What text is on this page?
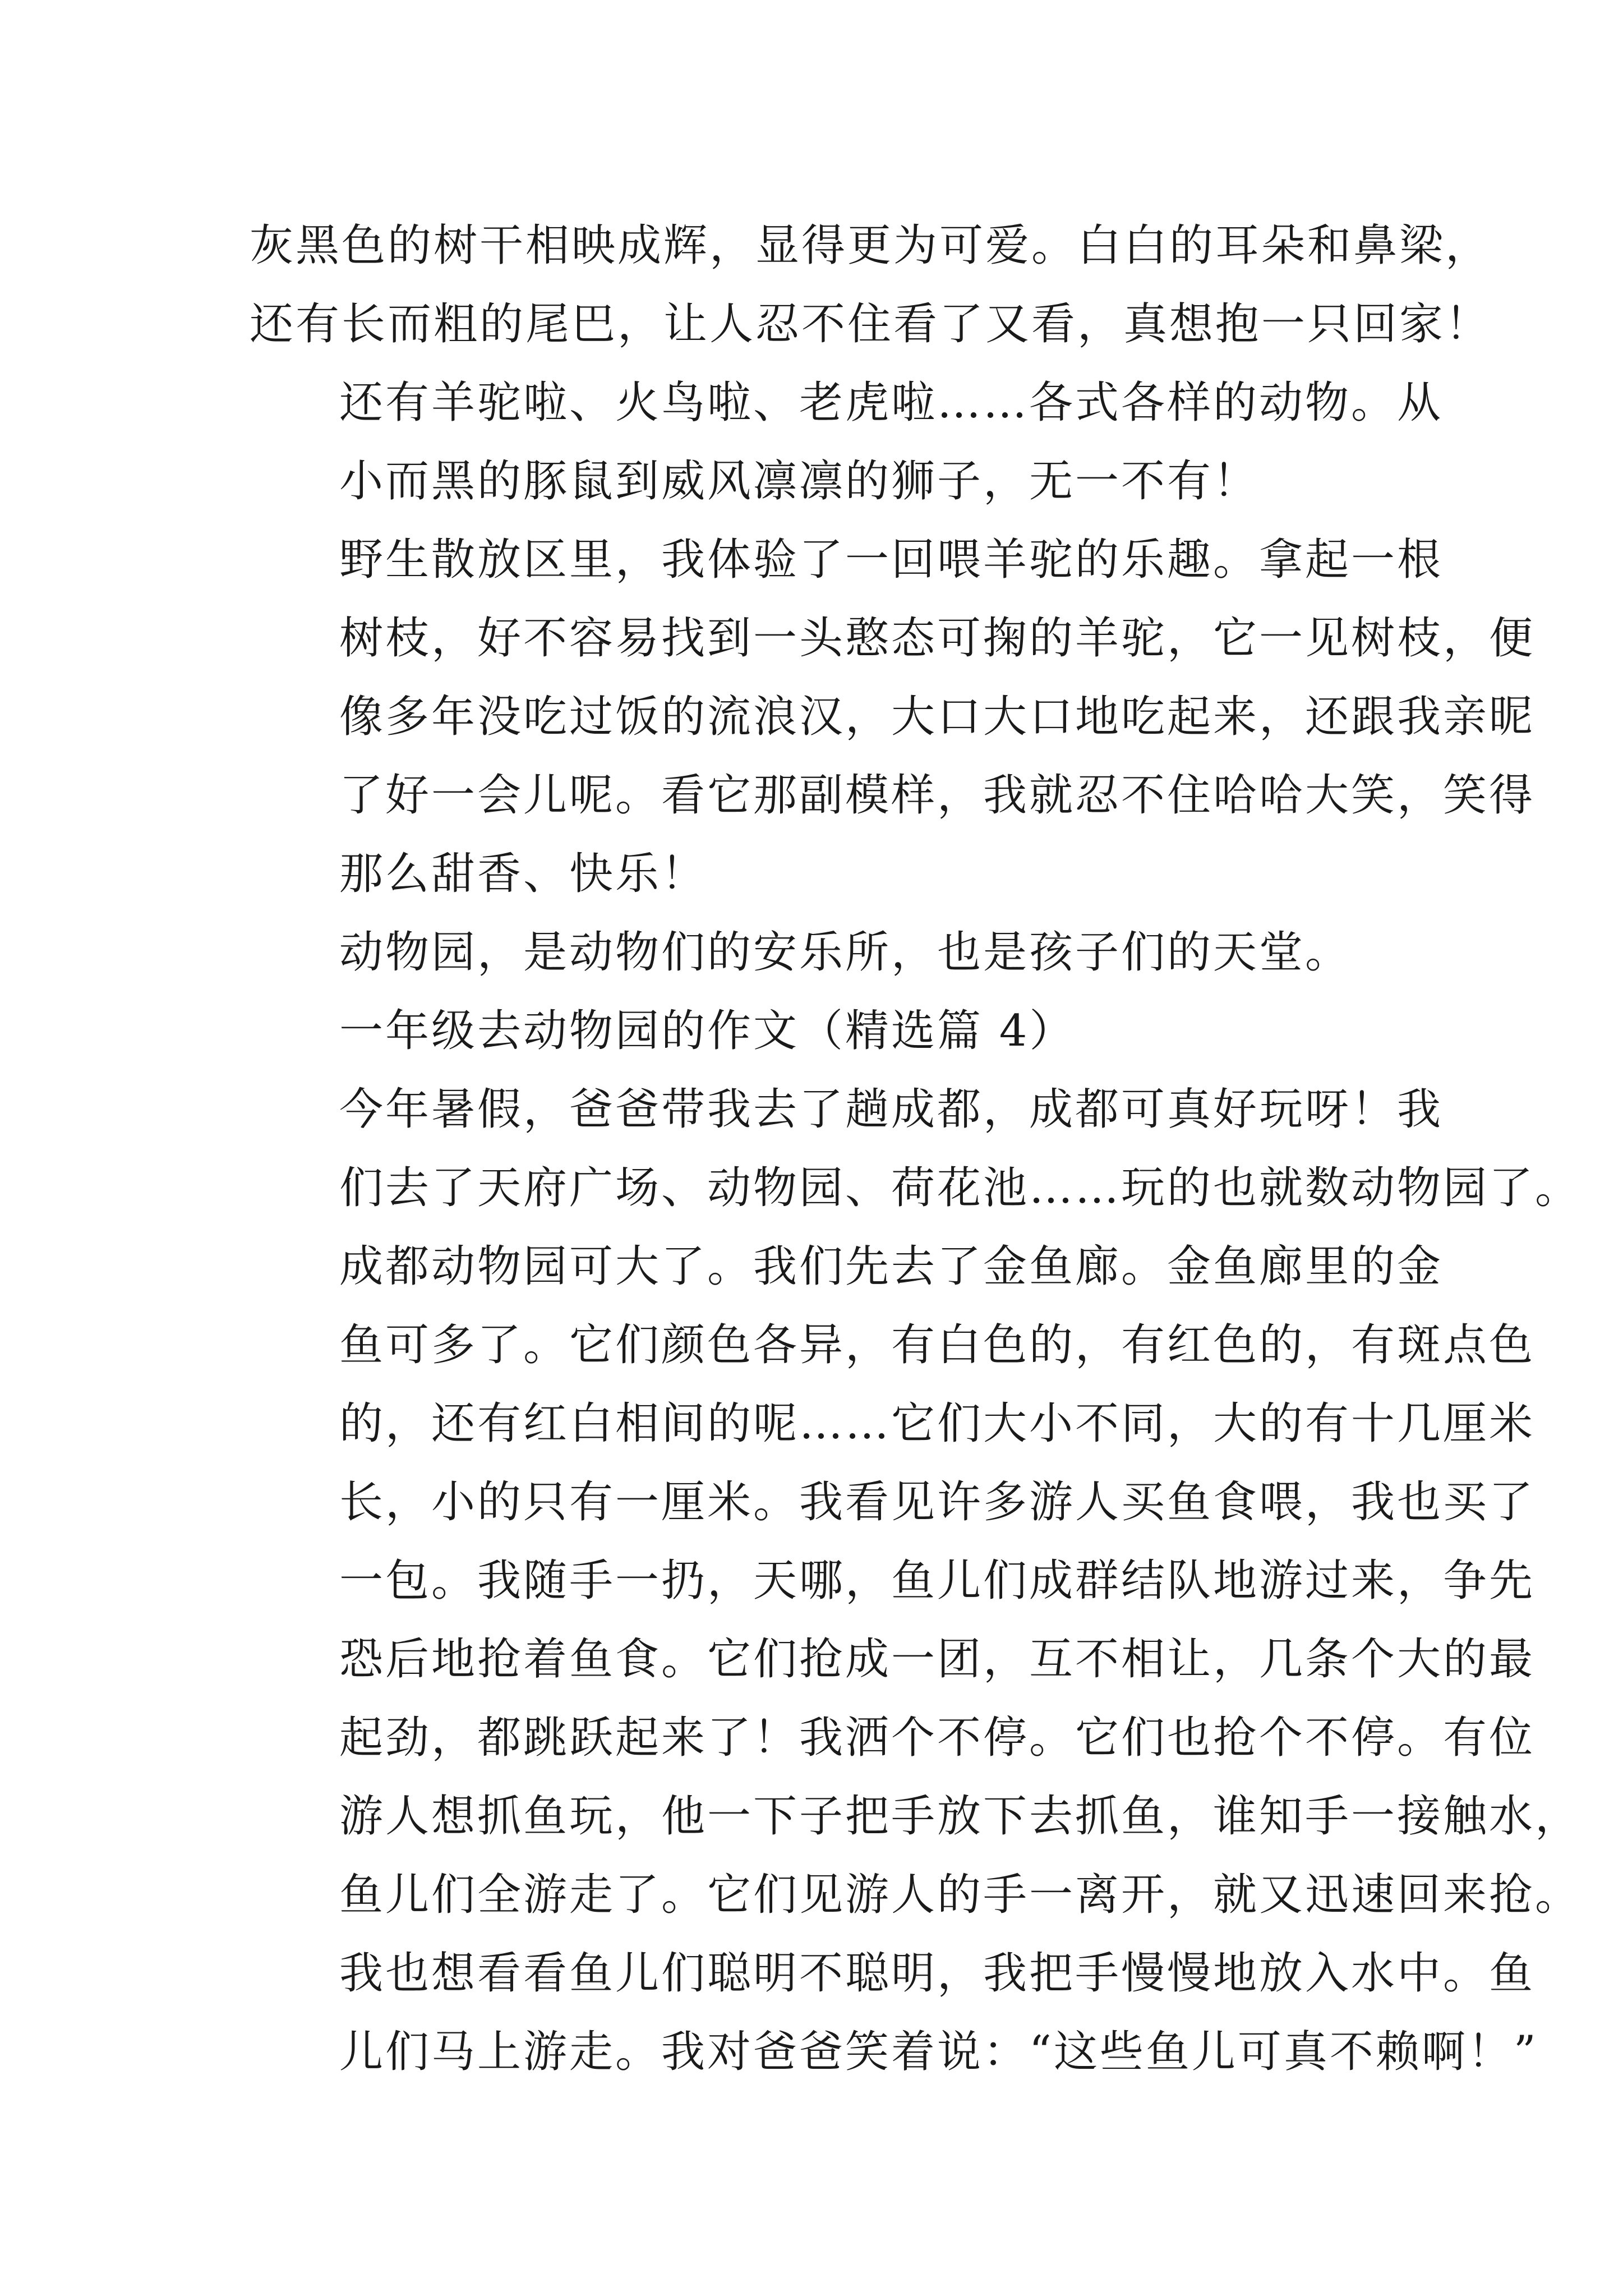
灰黑色的树干相映成辉，显得更为可爱。白白的耳朵和鼻梁，
还有长而粗的尾巴，让人忍不住看了又看，真想抱一只回家！
还有羊驼啦、火鸟啦、老虎啦……各式各样的动物。从
小而黑的豚鼠到威风凛凛的狮子，无一不有！
野生散放区里，我体验了一回喂羊驼的乐趣。拿起一根
树枝，好不容易找到一头憨态可掬的羊驼，它一见树枝，便
像多年没吃过饭的流浪汉，大口大口地吃起来，还跟我亲昵
了好一会儿呢。看它那副模样，我就忍不住哈哈大笑，笑得
那么甜香、快乐！
动物园，是动物们的安乐所，也是孩子们的天堂。
一年级去动物园的作文（精选篇 4）
今年暑假，爸爸带我去了趟成都，成都可真好玩呀！我
们去了天府广场、动物园、荷花池……玩的也就数动物园了。
成都动物园可大了。我们先去了金鱼廊。金鱼廊里的金
鱼可多了。它们颜色各异，有白色的，有红色的，有斑点色
的，还有红白相间的呢……它们大小不同，大的有十几厘米
长，小的只有一厘米。我看见许多游人买鱼食喂，我也买了
一包。我随手一扔，天哪，鱼儿们成群结队地游过来，争先
恐后地抢着鱼食。它们抢成一团，互不相让，几条个大的最
起劲，都跳跃起来了！我洒个不停。它们也抢个不停。有位
游人想抓鱼玩，他一下子把手放下去抓鱼，谁知手一接触水，
鱼儿们全游走了。它们见游人的手一离开，就又迅速回来抢。
我也想看看鱼儿们聪明不聪明，我把手慢慢地放入水中。鱼
儿们马上游走。我对爸爸笑着说：“这些鱼儿可真不赖啊！”
